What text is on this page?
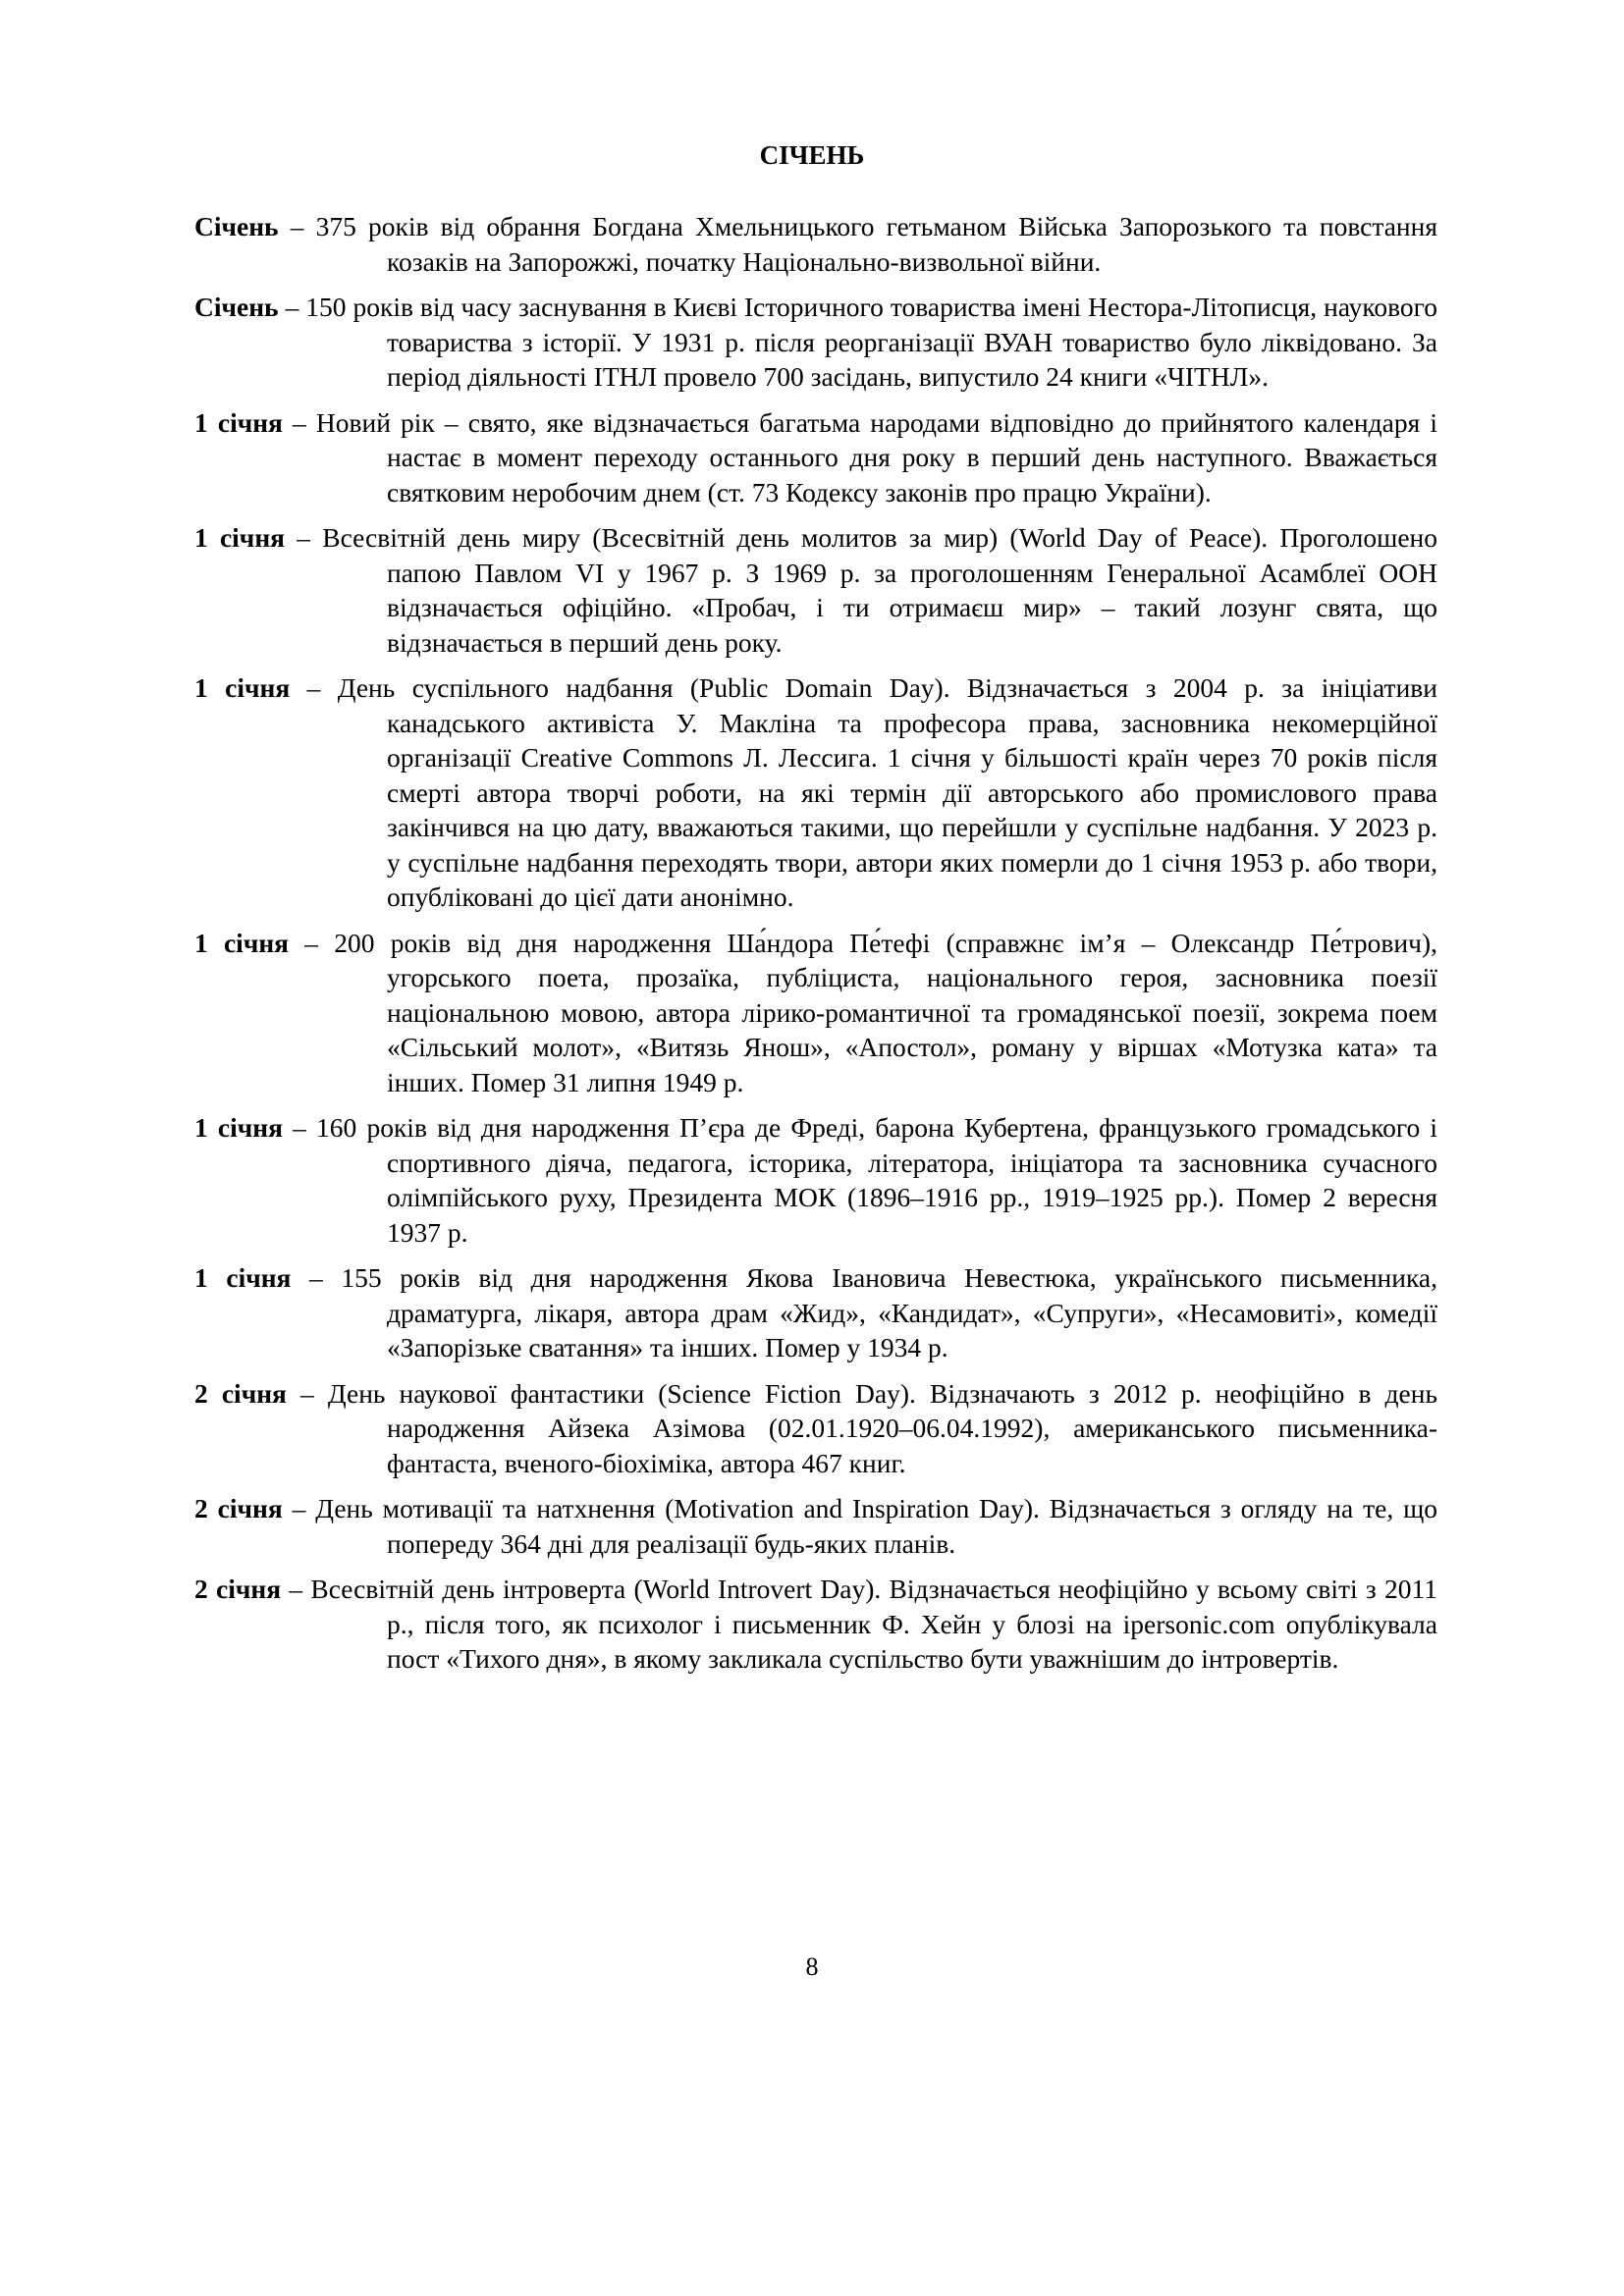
СІЧЕНЬ

Січень – 375 років від обрання Богдана Хмельницького гетьманом Війська Запорозького та повстання козаків на Запорожжі, початку Національно-визвольної війни.

Січень – 150 років від часу заснування в Києві Історичного товариства імені Нестора-Літописця, наукового товариства з історії. У 1931 р. після реорганізації ВУАН товариство було ліквідовано. За період діяльності ІТНЛ провело 700 засідань, випустило 24 книги «ЧІТНЛ».

1 січня – Новий рік – свято, яке відзначається багатьма народами відповідно до прийнятого календаря і настає в момент переходу останнього дня року в перший день наступного. Вважається святковим неробочим днем (ст. 73 Кодексу законів про працю України).

1 січня – Всесвітній день миру (Всесвітній день молитов за мир) (World Day of Peace). Проголошено папою Павлом VI у 1967 р. З 1969 р. за проголошенням Генеральної Асамблеї ООН відзначається офіційно. «Пробач, і ти отримаєш мир» – такий лозунг свята, що відзначається в перший день року.

1 січня – День суспільного надбання (Public Domain Day). Відзначається з 2004 р. за ініціативи канадського активіста У. Макліна та професора права, засновника некомерційної організації Creative Commons Л. Лессига. 1 січня у більшості країн через 70 років після смерті автора творчі роботи, на які термін дії авторського або промислового права закінчився на цю дату, вважаються такими, що перейшли у суспільне надбання. У 2023 р. у суспільне надбання переходять твори, автори яких померли до 1 січня 1953 р. або твори, опубліковані до цієї дати анонімно.

1 січня – 200 років від дня народження Ша́ндора Пе́тефі (справжнє ім’я – Олександр Пе́трович), угорського поета, прозаїка, публіциста, національного героя, засновника поезії національною мовою, автора лірико-романтичної та громадянської поезії, зокрема поем «Сільський молот», «Витязь Янош», «Апостол», роману у віршах «Мотузка ката» та інших. Помер 31 липня 1949 р.

1 січня – 160 років від дня народження П’єра де Фреді, барона Кубертена, французького громадського і спортивного діяча, педагога, історика, літератора, ініціатора та засновника сучасного олімпійського руху, Президента МОК (1896–1916 рр., 1919–1925 рр.). Помер 2 вересня 1937 р.

1 січня – 155 років від дня народження Якова Івановича Невестюка, українського письменника, драматурга, лікаря, автора драм «Жид», «Кандидат», «Супруги», «Несамовиті», комедії «Запорізьке сватання» та інших. Помер у 1934 р.

2 січня – День наукової фантастики (Science Fiction Day). Відзначають з 2012 р. неофіційно в день народження Айзека Азімова (02.01.1920–06.04.1992), американського письменника-фантаста, вченого-біохіміка, автора 467 книг.

2 січня – День мотивації та натхнення (Motivation and Inspiration Day). Відзначається з огляду на те, що попереду 364 дні для реалізації будь-яких планів.

2 січня – Всесвітній день інтроверта (World Introvert Day). Відзначається неофіційно у всьому світі з 2011 р., після того, як психолог і письменник Ф. Хейн у блозі на ipersonic.com опублікувала пост «Тихого дня», в якому закликала суспільство бути уважнішим до інтровертів.

8
